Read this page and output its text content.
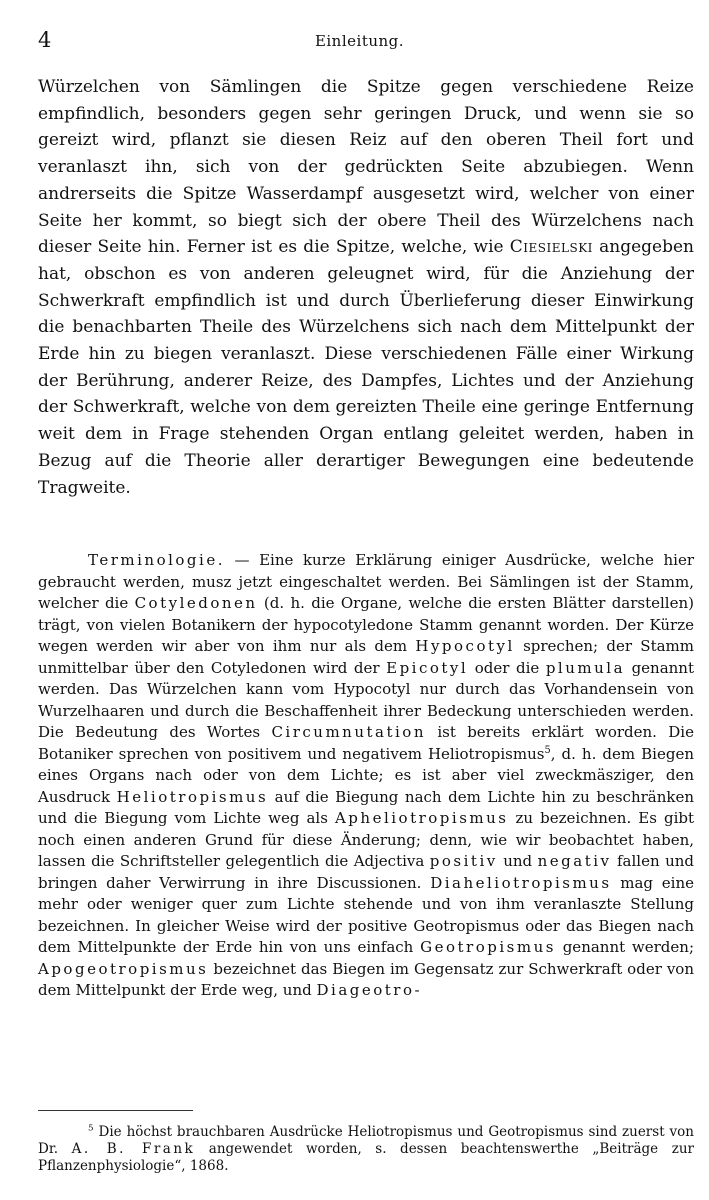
4	Einleitung.

Würzelchen von Sämlingen die Spitze gegen verschiedene Reize empfindlich, besonders gegen sehr geringen Druck, und wenn sie so gereizt wird, pflanzt sie diesen Reiz auf den oberen Theil fort und veranlaszt ihn, sich von der gedrückten Seite abzubiegen. Wenn andrerseits die Spitze Wasserdampf ausgesetzt wird, welcher von einer Seite her kommt, so biegt sich der obere Theil des Würzelchens nach dieser Seite hin. Ferner ist es die Spitze, welche, wie Ciesielski angegeben hat, obschon es von anderen geleugnet wird, für die Anziehung der Schwerkraft empfindlich ist und durch Überlieferung dieser Einwirkung die benachbarten Theile des Würzelchens sich nach dem Mittelpunkt der Erde hin zu biegen veranlaszt. Diese verschiedenen Fälle einer Wirkung der Berührung, anderer Reize, des Dampfes, Lichtes und der Anziehung der Schwerkraft, welche von dem gereizten Theile eine geringe Entfernung weit dem in Frage stehenden Organ entlang geleitet werden, haben in Bezug auf die Theorie aller derartiger Bewegungen eine bedeutende Tragweite.

Terminologie. — Eine kurze Erklärung einiger Ausdrücke, welche hier gebraucht werden, musz jetzt eingeschaltet werden. Bei Sämlingen ist der Stamm, welcher die Cotyledonen (d. h. die Organe, welche die ersten Blätter darstellen) trägt, von vielen Botanikern der hypocotyledone Stamm genannt worden. Der Kürze wegen werden wir aber von ihm nur als dem Hypocotyl sprechen; der Stamm unmittelbar über den Cotyledonen wird der Epicotyl oder die plumula genannt werden. Das Würzelchen kann vom Hypocotyl nur durch das Vorhandensein von Wurzelhaaren und durch die Beschaffenheit ihrer Bedeckung unterschieden werden. Die Bedeutung des Wortes Circumnutation ist bereits erklärt worden. Die Botaniker sprechen von positivem und negativem Heliotropismus$^5$, d. h. dem Biegen eines Organs nach oder von dem Lichte; es ist aber viel zweckmäsziger, den Ausdruck Heliotropismus auf die Biegung nach dem Lichte hin zu beschränken und die Biegung vom Lichte weg als Apheliotropismus zu bezeichnen. Es gibt noch einen anderen Grund für diese Änderung; denn, wie wir beobachtet haben, lassen die Schriftsteller gelegentlich die Adjectiva positiv und negativ fallen und bringen daher Verwirrung in ihre Discussionen. Diaheliotropismus mag eine mehr oder weniger quer zum Lichte stehende und von ihm veranlaszte Stellung bezeichnen. In gleicher Weise wird der positive Geotropismus oder das Biegen nach dem Mittelpunkte der Erde hin von uns einfach Geotropismus genannt werden; Apogeotropismus bezeichnet das Biegen im Gegensatz zur Schwerkraft oder von dem Mittelpunkt der Erde weg, und Diageotro-

$^5$ Die höchst brauchbaren Ausdrücke Heliotropismus und Geotropismus sind zuerst von Dr. A. B. Frank angewendet worden, s. dessen beachtenswerthe „Beiträge zur Pflanzenphysiologie“, 1868.
